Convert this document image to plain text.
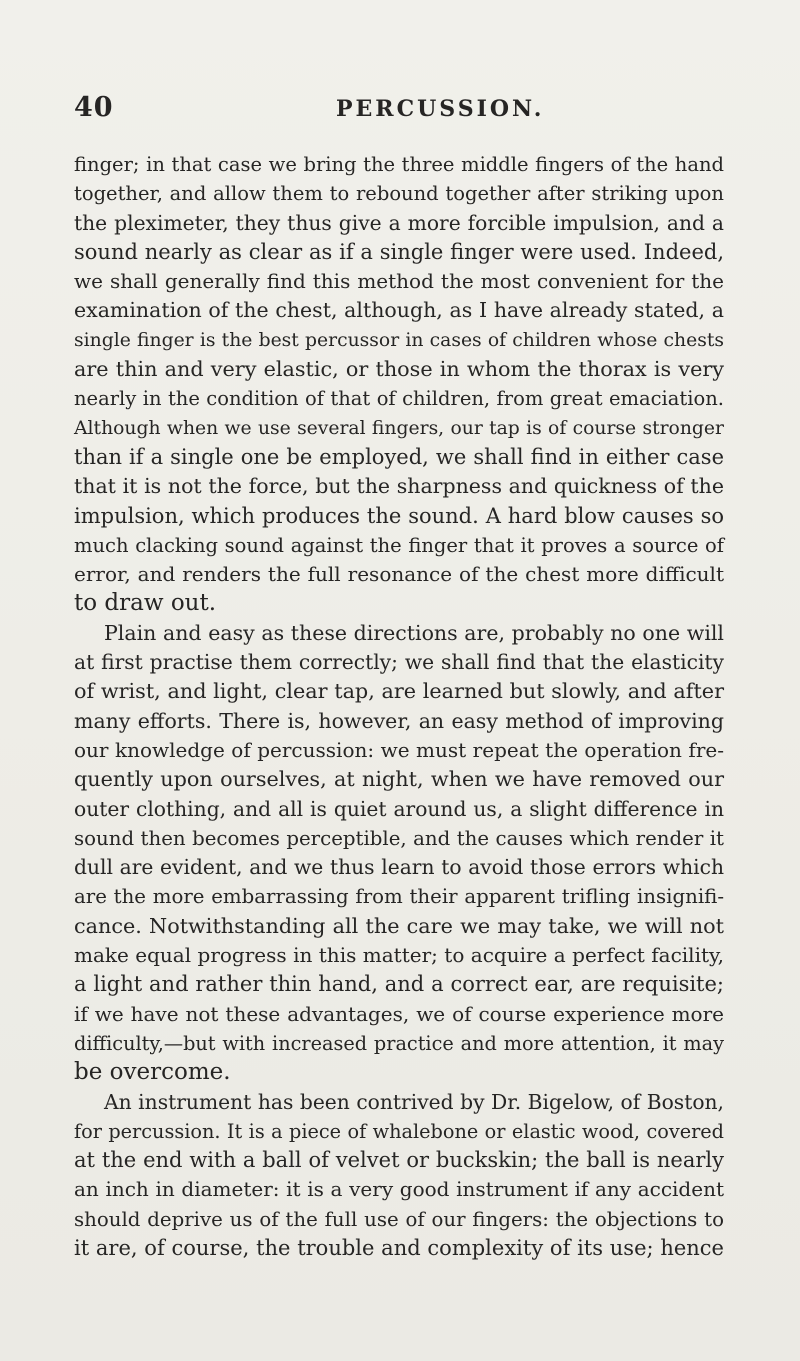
40	PERCUSSION.
finger; in that case we bring the three middle fingers of the hand
together, and allow them to rebound together after striking upon
the pleximeter, they thus give a more forcible impulsion, and a
sound nearly as clear as if a single finger were used. Indeed,
we shall generally find this method the most convenient for the
examination of the chest, although, as I have already stated, a
single finger is the best percussor in cases of children whose chests
are thin and very elastic, or those in whom the thorax is very
nearly in the condition of that of children, from great emaciation.
Although when we use several fingers, our tap is of course stronger
than if a single one be employed, we shall find in either case
that it is not the force, but the sharpness and quickness of the
impulsion, which produces the sound. A hard blow causes so
much clacking sound against the finger that it proves a source of
error, and renders the full resonance of the chest more difficult
to draw out.
Plain and easy as these directions are, probably no one will
at first practise them correctly; we shall find that the elasticity
of wrist, and light, clear tap, are learned but slowly, and after
many efforts. There is, however, an easy method of improving
our knowledge of percussion: we must repeat the operation fre-
quently upon ourselves, at night, when we have removed our
outer clothing, and all is quiet around us, a slight difference in
sound then becomes perceptible, and the causes which render it
dull are evident, and we thus learn to avoid those errors which
are the more embarrassing from their apparent trifling insignifi-
cance. Notwithstanding all the care we may take, we will not
make equal progress in this matter; to acquire a perfect facility,
a light and rather thin hand, and a correct ear, are requisite;
if we have not these advantages, we of course experience more
difficulty,—but with increased practice and more attention, it may
be overcome.
An instrument has been contrived by Dr. Bigelow, of Boston,
for percussion. It is a piece of whalebone or elastic wood, covered
at the end with a ball of velvet or buckskin; the ball is nearly
an inch in diameter: it is a very good instrument if any accident
should deprive us of the full use of our fingers: the objections to
it are, of course, the trouble and complexity of its use; hence
